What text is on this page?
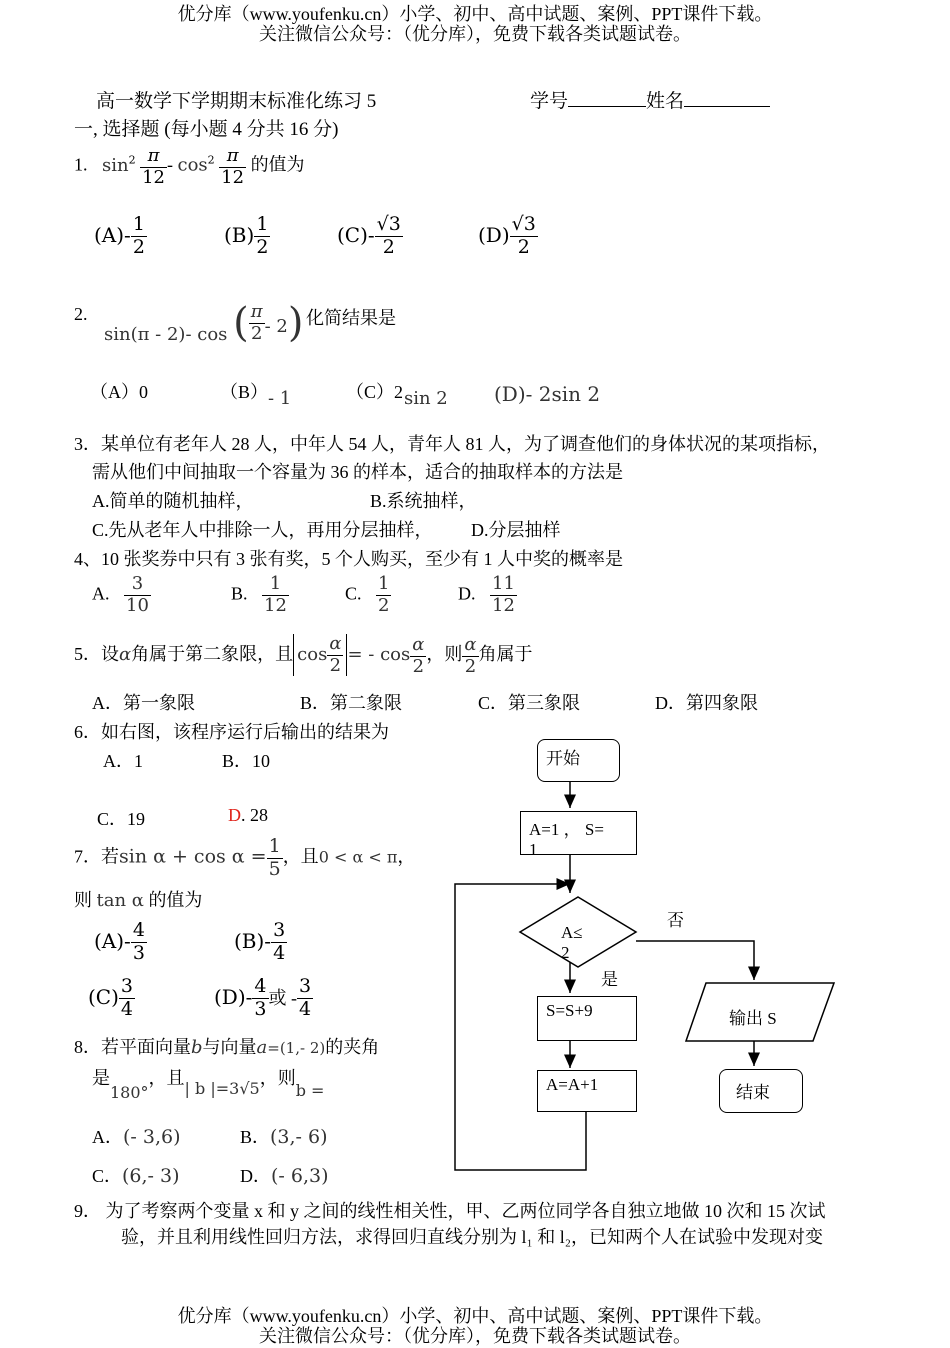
优分库（www.youfenku.cn）小学、初中、高中试题、案例、PPT课件下载。
关注微信公众号：（优分库），免费下载各类试题试卷。
高一数学下学期期末标准化练习 5	学号	姓名
一, 选择题 (每小题 4 分共 16 分)
1. $\sin^2 \frac{\pi}{12} - \cos^2 \frac{\pi}{12}$ 的值为
$(A)- \frac{1}{2}$	$(B) \frac{1}{2}$	$(C)- \frac{√3}{2}$	$(D) \frac{√3}{2}$
2.
sin(π - 2)- cos ( $\frac{\pi}{2} - 2$) 化简结果是
（A）0	（B） - 1	（C）2 sin 2 (D)- 2sin 2
3．某单位有老年人 28 人，中年人 54 人，青年人 81 人，为了调查他们的身体状况的某项指标，
需从他们中间抽取一个容量为 36 的样本，适合的抽取样本的方法是
A.简单的随机抽样，	B.系统抽样，
C.先从老年人中排除一人，再用分层抽样， D.分层抽样
4、10 张奖券中只有 3 张有奖，5 个人购买，至少有 1 人中奖的概率是
A. $\frac{3}{10}$	B. $\frac{1}{12}$	C. $\frac{1}{2}$	D. $\frac{11}{12}$
5．设α角属于第二象限，且 $\cos \frac{\alpha}{2}$ = - $\cos \frac{\alpha}{2}$ ，则 $\frac{\alpha}{2}$ 角属于
A．第一象限	B．第二象限	C．第三象限	D．第四象限
6．如右图，该程序运行后输出的结果为
A．1	B．10
C．19	D. 28
7．若$\sin \alpha + \cos \alpha = \frac{1}{5}$ ，且0 < α < π，
则 tan α 的值为
$(A)- \frac{4}{3}$	$(B)- \frac{3}{4}$
$(C) \frac{3}{4}$	$(D)- \frac{4}{3}$ 或 - $\frac{3}{4}$
8．若平面向量b与向量a=(1,- 2)的夹角
是180°，且| b |=3√5，则b =
A．(- 3,6)	B．(3,- 6)
C．(6,- 3)	D．(- 6,3)
9． 为了考察两个变量 x 和 y 之间的线性相关性，甲、乙两位同学各自独立地做 10 次和 15 次试
验，并且利用线性回归方法，求得回归直线分别为 l₁ 和 l₂，已知两个人在试验中发现对变
开始
A=1 ， S=
1
A≤
2
否
是
S=S+9	输出 S
A=A+1	结束
优分库（www.youfenku.cn）小学、初中、高中试题、案例、PPT课件下载。
关注微信公众号：（优分库），免费下载各类试题试卷。
